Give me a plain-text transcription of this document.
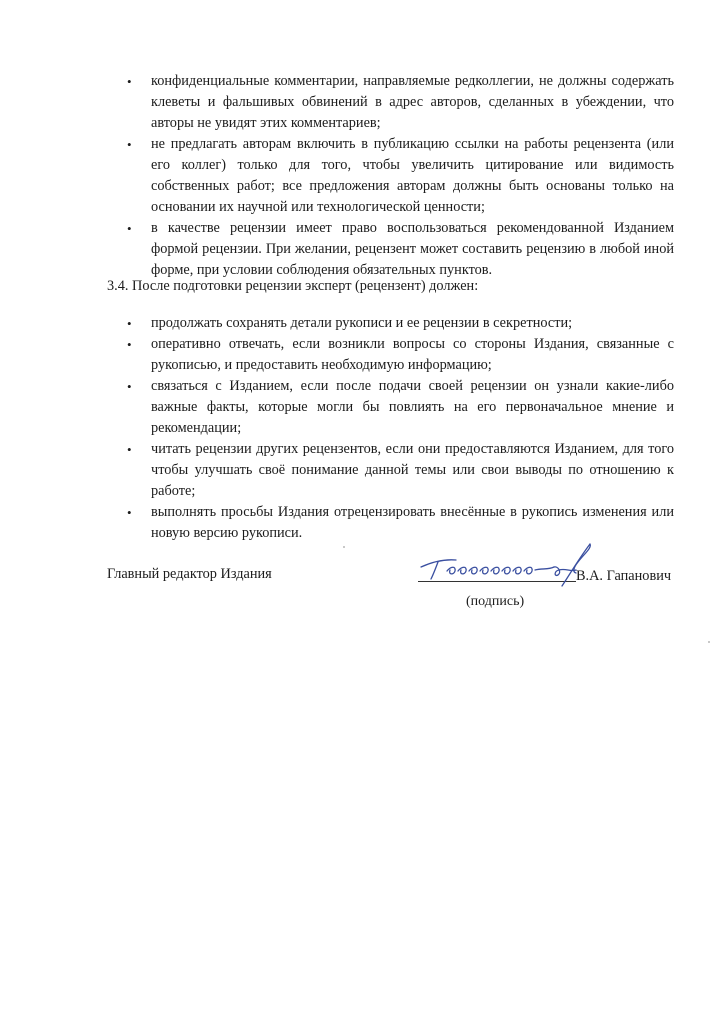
•	конфиденциальные комментарии, направляемые редколлегии, не должны содержать клеветы и фальшивых обвинений в адрес авторов, сделанных в убеждении, что авторы не увидят этих комментариев;
•	не предлагать авторам включить в публикацию ссылки на работы рецензента (или его коллег) только для того, чтобы увеличить цитирование или видимость собственных работ; все предложения авторам должны быть основаны только на основании их научной или технологической ценности;
•	в качестве рецензии имеет право воспользоваться рекомендованной Изданием формой рецензии. При желании, рецензент может составить рецензию в любой иной форме, при условии соблюдения обязательных пунктов.
3.4. После подготовки рецензии эксперт (рецензент) должен:
•	продолжать сохранять детали рукописи и ее рецензии в секретности;
•	оперативно отвечать, если возникли вопросы со стороны Издания, связанные с рукописью, и предоставить необходимую информацию;
•	связаться с Изданием, если после подачи своей рецензии он узнали какие-либо важные факты, которые могли бы повлиять на его первоначальное мнение и рекомендации;
•	читать рецензии других рецензентов, если они предоставляются Изданием, для того чтобы улучшать своё понимание данной темы или свои выводы по отношению к работе;
•	выполнять просьбы Издания отрецензировать внесённые в рукопись изменения или новую версию рукописи.
Главный редактор Издания	В.А. Гапанович
(подпись)
